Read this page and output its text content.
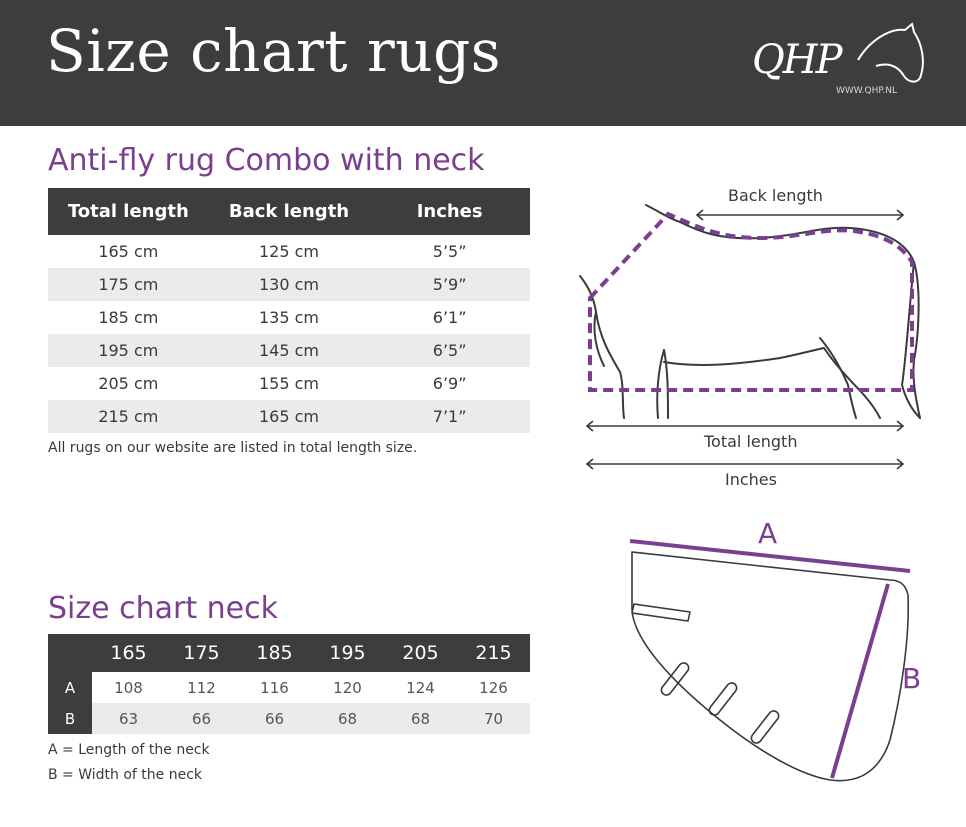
Size chart rugs	QHP
WWW.QHP.NL
Anti-fly rug Combo with neck
Total length	Back length	Inches
165 cm	125 cm	5’5”
175 cm	130 cm	5’9”
185 cm	135 cm	6’1”
195 cm	145 cm	6’5”
205 cm	155 cm	6’9”
215 cm	165 cm	7’1”
All rugs on our website are listed in total length size.
Size chart neck
	165	175	185	195	205	215
A	108	112	116	120	124	126
B	63	66	66	68	68	70
A = Length of the neck
B = Width of the neck
Back length
Total length
Inches
A
B
